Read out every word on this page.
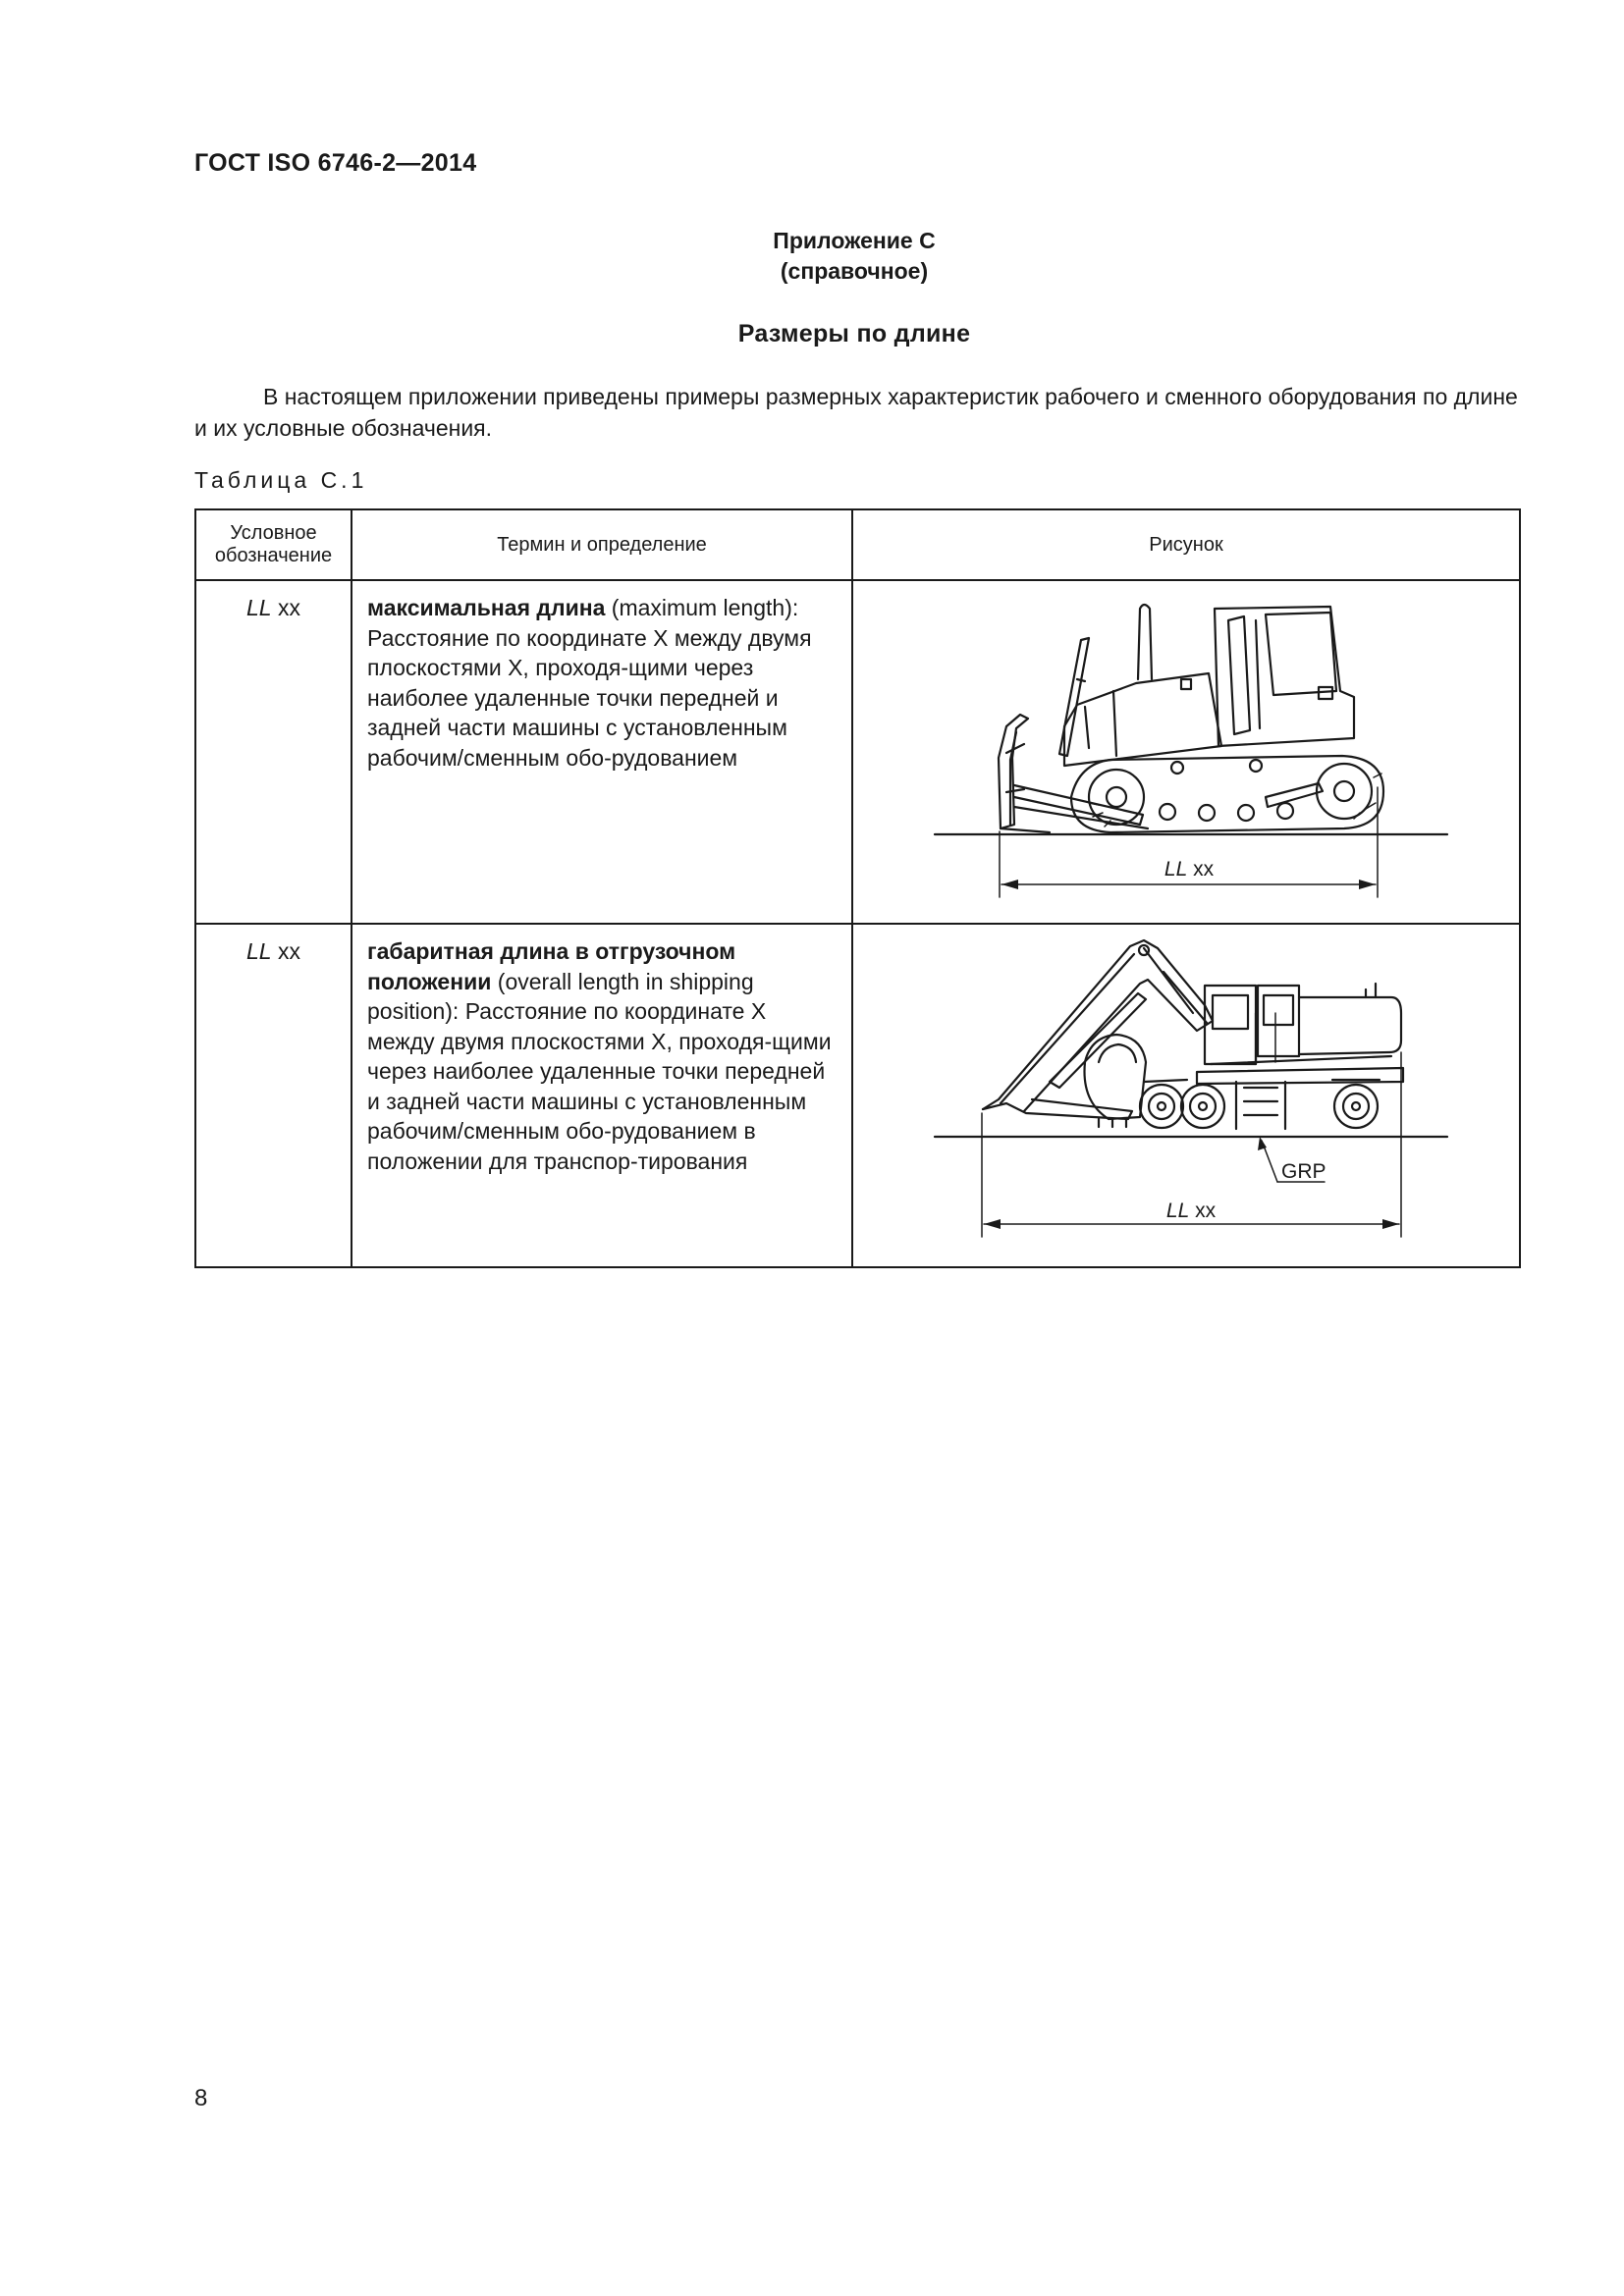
ГОСТ ISO 6746-2—2014
Приложение С
(справочное)
Размеры по длине

В настоящем приложении приведены примеры размерных характеристик рабочего и сменного оборудования по длине и их условные обозначения.

Таблица С.1
Условное обозначение	Термин и определение	Рисунок
LL xx	максимальная длина (maximum length): Расстояние по координате X между двумя плоскостями X, проходя-щими через наиболее удаленные точки передней и задней части машины с установленным рабочим/сменным обо-рудованием	LL xx

LL xx	габаритная длина в отгрузочном положении (overall length in shipping position): Расстояние по координате X между двумя плоскостями X, проходя-щими через наиболее удаленные точки передней и задней части машины с установленным рабочим/сменным обо-рудованием в положении для транспор-тирования	LL xx
GRP
8
